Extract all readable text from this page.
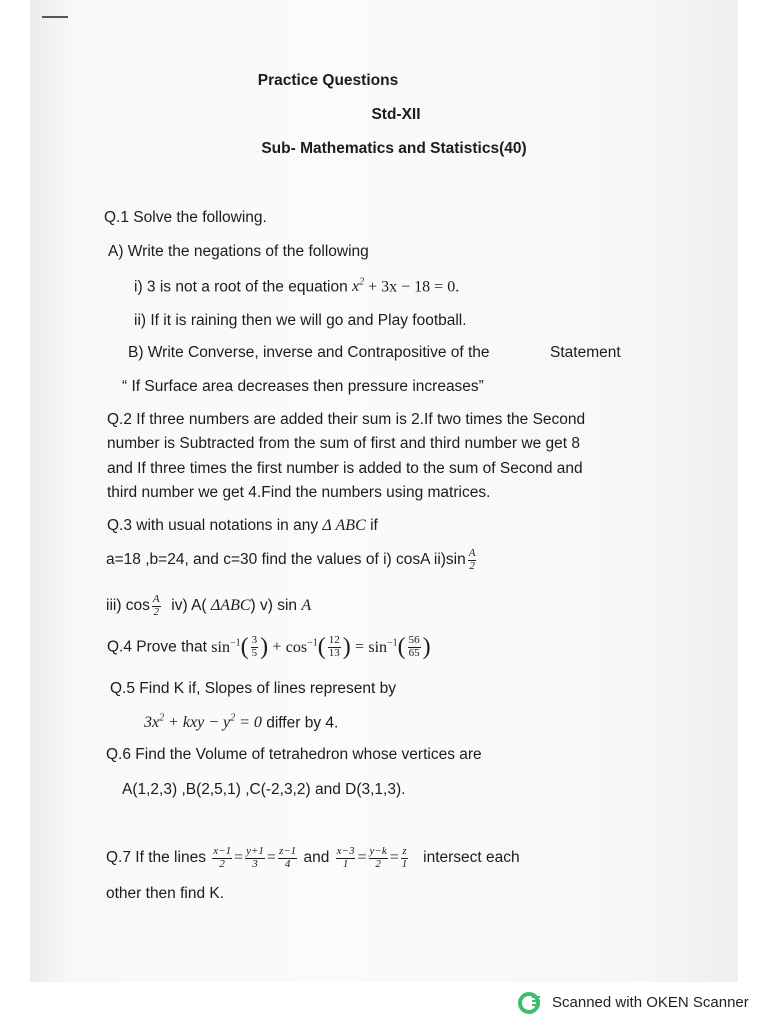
Practice Questions
Std-XII
Sub- Mathematics and Statistics(40)
Q.1 Solve the following.
A) Write the negations of the following
i) 3 is not a root of the equation $x^2 + 3x - 18 = 0$.
ii) If it is raining then we will go and Play football.
B) Write Converse, inverse and Contrapositive of the	Statement
“ If Surface area decreases then pressure increases”
Q.2 If three numbers are added their sum is 2.If two times the Second
number is Subtracted from the sum of first and third number we get 8
and If three times the first number is added to the sum of Second and
third number we get 4.Find the numbers using matrices.
Q.3 with usual notations in any Δ ABC if
a=18 ,b=24, and c=30 find the values of i) cosA $ii)\sin \frac{A}{2}$
iii) $\cos \frac{A}{2} iv$) A( ΔABC) v) sin A
Q.4 Prove that $\sin^{-1}( \frac{3}{5}$ ) + $\cos^{-1}( \frac{12}{13}$ ) = $\sin^{-1}( \frac{56}{65}$ )
Q.5 Find K if, Slopes of lines represent by
$3x^2$ + kxy − $y^2 = 0$ differ by 4.
Q.6 Find the Volume of tetrahedron whose vertices are
A(1,2,3) ,B(2,5,1) ,C(-2,3,2) and D(3,1,3).
Q.7 If the lines $\frac{x-1}{2} = \frac{y+1}{3} = \frac{z-1}{4}$ and $\frac{x-3}{1} = \frac{y-k}{2} = \frac{z}{1}$ intersect each
other then find K.
Scanned with OKEN Scanner
